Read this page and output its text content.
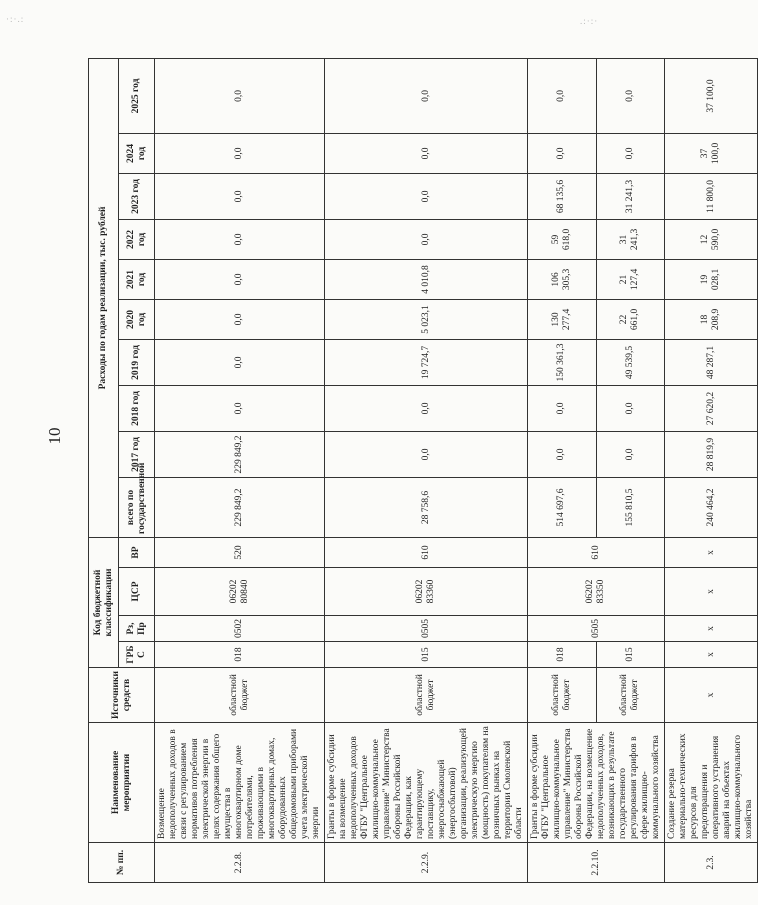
10
·:·.:	.:·:·
№ пп.	Наименование мероприятия	Источники средств	Код бюджетной классификации				Расходы по годам реализации, тыс. рублей									
			ГРБ С	Рз, Пр	ЦСР	ВР	всего по государственной	2017 год	2018 год	2019 год	2020 год	2021 год	2022 год	2023 год	2024 год	2025 год

2.2.8.	Возмещение недополученных доходов в связи с регулированием нормативов потребления электрической энергии в целях содержания общего имущества в многоквартирном доме потребителями, проживающими в многоквартирных домах, оборудованных общедомовыми приборами учета электрической энергии	областной бюджет	018	0502	06202 80840	520	229 849,2	229 849,2	0,0	0,0	0,0	0,0	0,0	0,0	0,0	0,0
2.2.9.	Гранты в форме субсидии на возмещение недополученных доходов ФГБУ "Центральное жилищно-коммунальное управление" Министерства обороны Российской Федерации, как гарантирующему поставщику, энергоснабжающей (энергосбытовой) организации, реализующей электрическую энергию (мощность) покупателям на розничных рынках на территории Смоленской области	областной бюджет	015	0505	06202 83360	610	28 758,6	0,0	0,0	19 724,7	5 023,1	4 010,8	0,0	0,0	0,0	0,0
2.2.10.	Гранты в форме субсидии ФГБУ "Центральное жилищно-коммунальное управление" Министерства обороны Российской Федерации, на возмещение недополученных доходов, возникающих в результате государственного регулирования тарифов в сфере жилищно-коммунального хозяйства	областной бюджет	018	0505	06202 83350	610	514 697,6	0,0	0,0	150 361,3	130 277,4	106 305,3	59 618,0	68 135,6	0,0	0,0
		областной бюджет	015				155 810,5	0,0	0,0	49 539,5	22 661,0	21 127,4	31 241,3	31 241,3	0,0	0,0
2.3.	Создание резерва материально-технических ресурсов для предотвращения и оперативного устранения аварий на объектах жилищно-коммунального хозяйства	x	x	x	x	x	240 464,2	28 819,9	27 620,2	48 287,1	18 208,9	19 028,1	12 590,0	11 800,0	37 100,0	37 100,0
